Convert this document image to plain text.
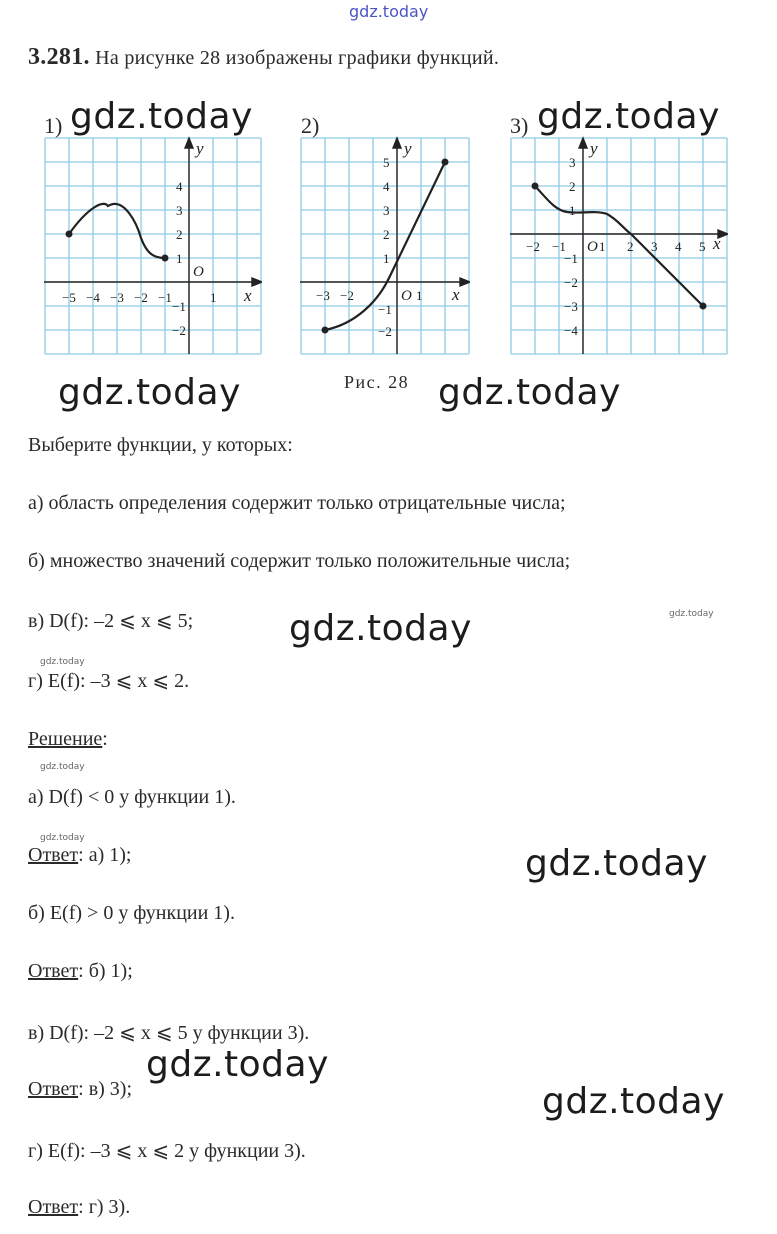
gdz.today
3.281. На рисунке 28 изображены графики функций.
1)
−5 −4 −3 −2 −1	1
4
3
2
1
−1
−2
O
x
y
2)
−3 −2	1
5
4
3
2
1
−1
−2
O x
y
3)
−2 −1	2 3 4 5
3
2
1
−1
−2
−3
−4
O 1	x
y
Рис. 28
Выберите функции, у которых:
а) область определения содержит только отрицательные числа;
б) множество значений содержит только положительные числа;
в) D(f): –2 ⩽ x ⩽ 5;
г) E(f): –3 ⩽ x ⩽ 2.
Решение:
а) D(f) < 0 у функции 1).
Ответ: а) 1);
б) E(f) > 0 у функции 1).
Ответ: б) 1);
в) D(f): –2 ⩽ x ⩽ 5 у функции 3).
Ответ: в) 3);
г) E(f): –3 ⩽ x ⩽ 2 у функции 3).
Ответ: г) 3).
gdz.today	gdz.today
gdz.today	gdz.today
gdz.today
gdz.today
gdz.today
gdz.today
gdz.today
gdz.today
gdz.today
gdz.today
